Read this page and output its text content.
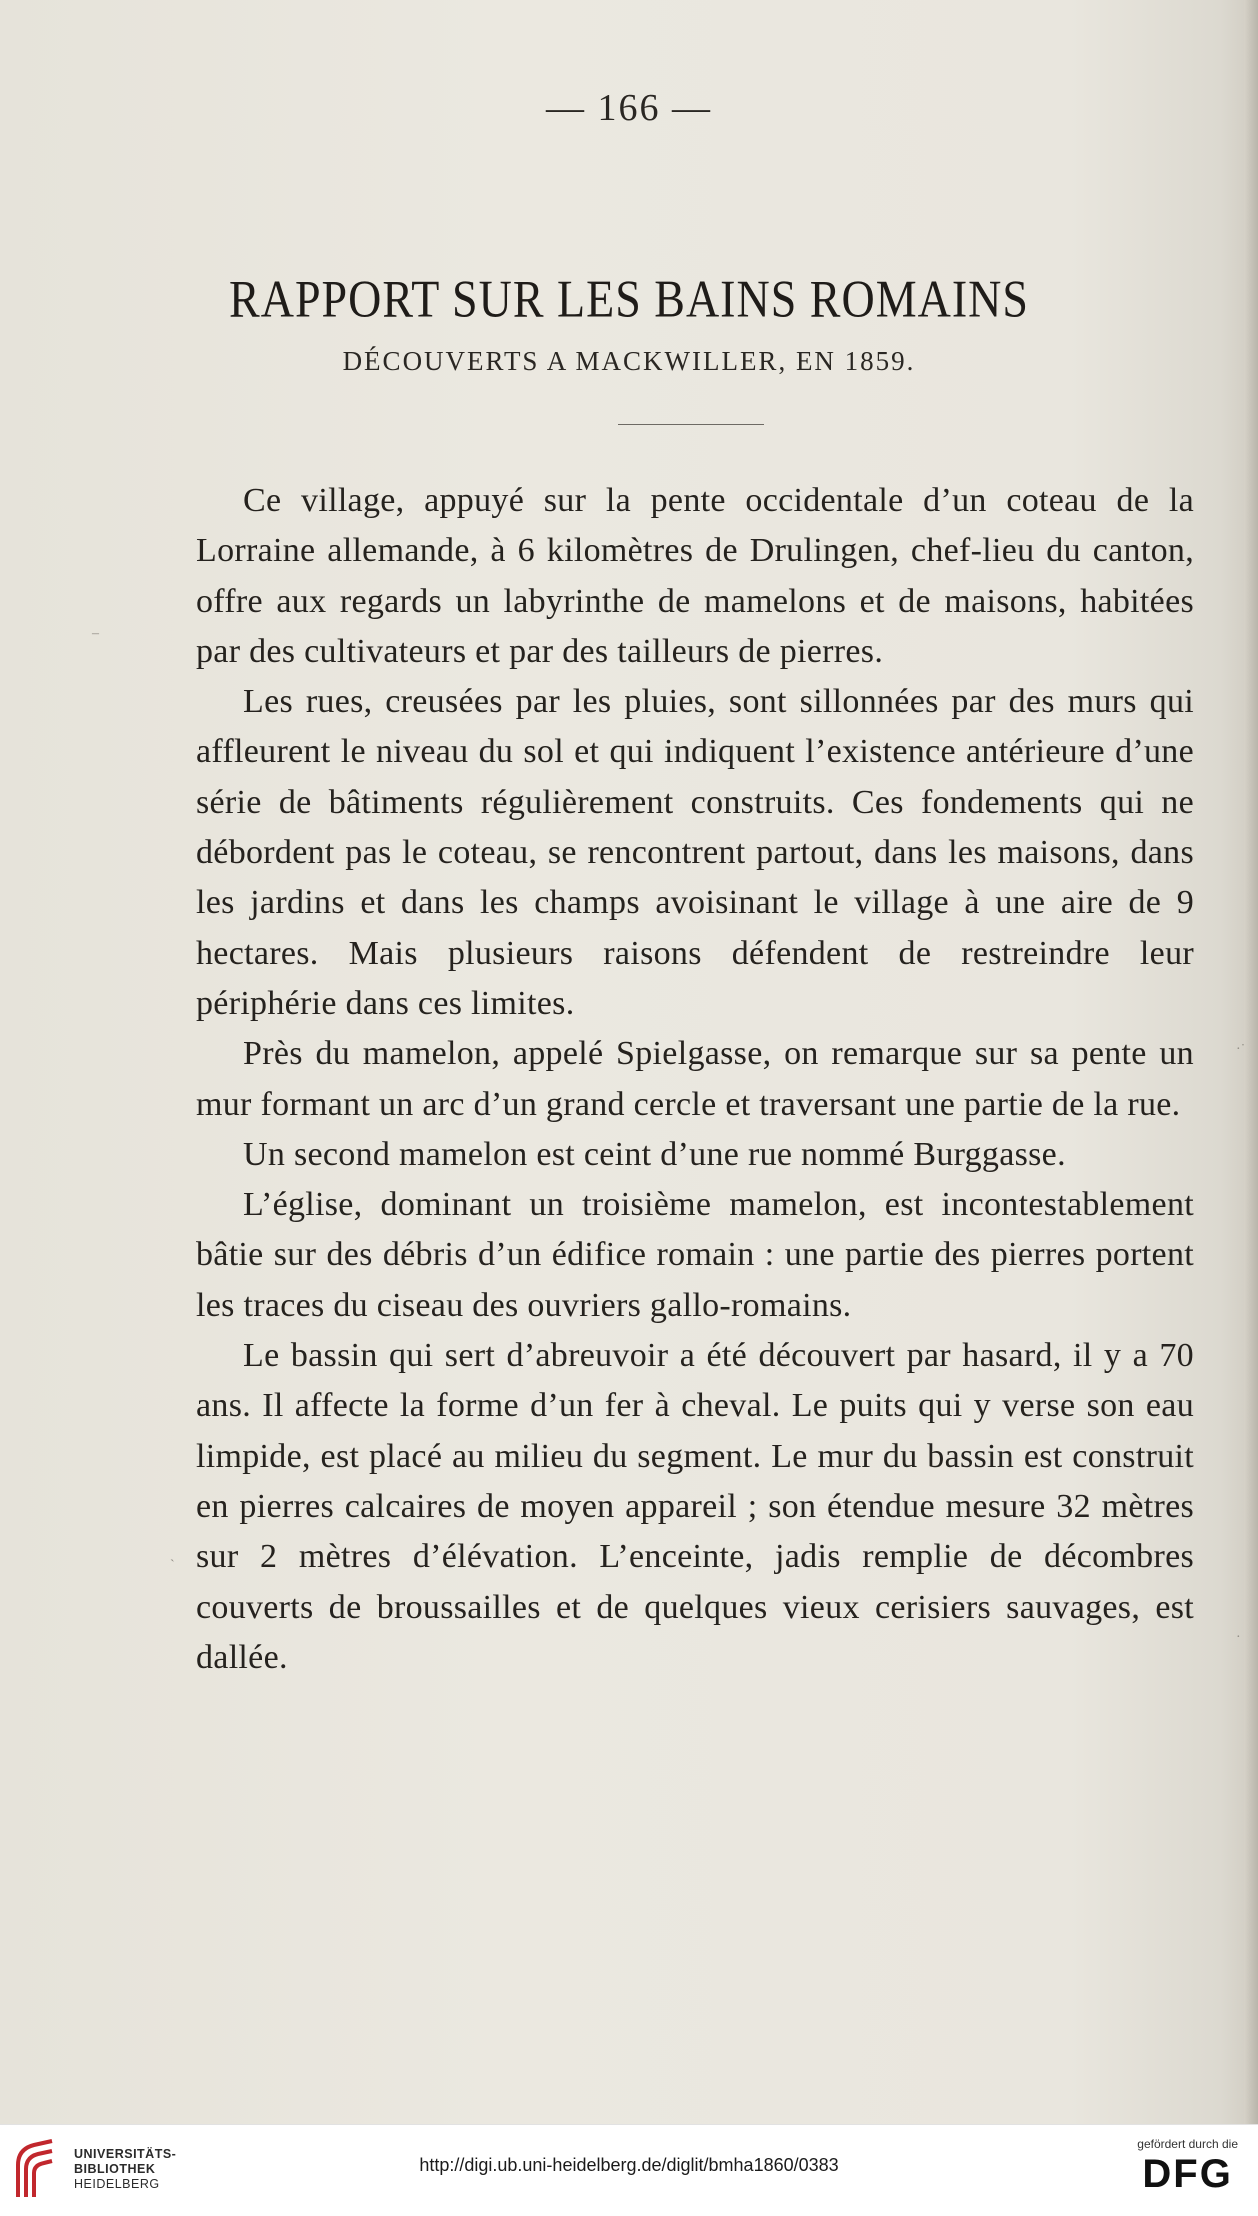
— 166 —
RAPPORT SUR LES BAINS ROMAINS
DÉCOUVERTS A MACKWILLER, EN 1859.

Ce village, appuyé sur la pente occidentale d’un coteau de la Lorraine allemande, à 6 kilomètres de Drulingen, chef-lieu du canton, offre aux regards un labyrinthe de mamelons et de maisons, habitées par des cultivateurs et par des tailleurs de pierres.

Les rues, creusées par les pluies, sont sillonnées par des murs qui affleurent le niveau du sol et qui indiquent l’existence antérieure d’une série de bâtiments régulièrement construits. Ces fondements qui ne débordent pas le coteau, se rencontrent partout, dans les maisons, dans les jardins et dans les champs avoisinant le village à une aire de 9 hectares. Mais plusieurs raisons défendent de restreindre leur périphérie dans ces limites.

Près du mamelon, appelé Spielgasse, on remarque sur sa pente un mur formant un arc d’un grand cercle et traversant une partie de la rue.

Un second mamelon est ceint d’une rue nommé Burggasse.

L’église, dominant un troisième mamelon, est incontestablement bâtie sur des débris d’un édifice romain : une partie des pierres portent les traces du ciseau des ouvriers gallo-romains.

Le bassin qui sert d’abreuvoir a été découvert par hasard, il y a 70 ans. Il affecte la forme d’un fer à cheval. Le puits qui y verse son eau limpide, est placé au milieu du segment. Le mur du bassin est construit en pierres calcaires de moyen appareil ; son étendue mesure 32 mètres sur 2 mètres d’élévation. L’enceinte, jadis remplie de décombres couverts de broussailles et de quelques vieux cerisiers sauvages, est dallée.

–
·˙
ˋ
·
UNIVERSITÄTS-
BIBLIOTHEK
HEIDELBERG
http://digi.ub.uni-heidelberg.de/diglit/bmha1860/0383
gefördert durch die
DFG
